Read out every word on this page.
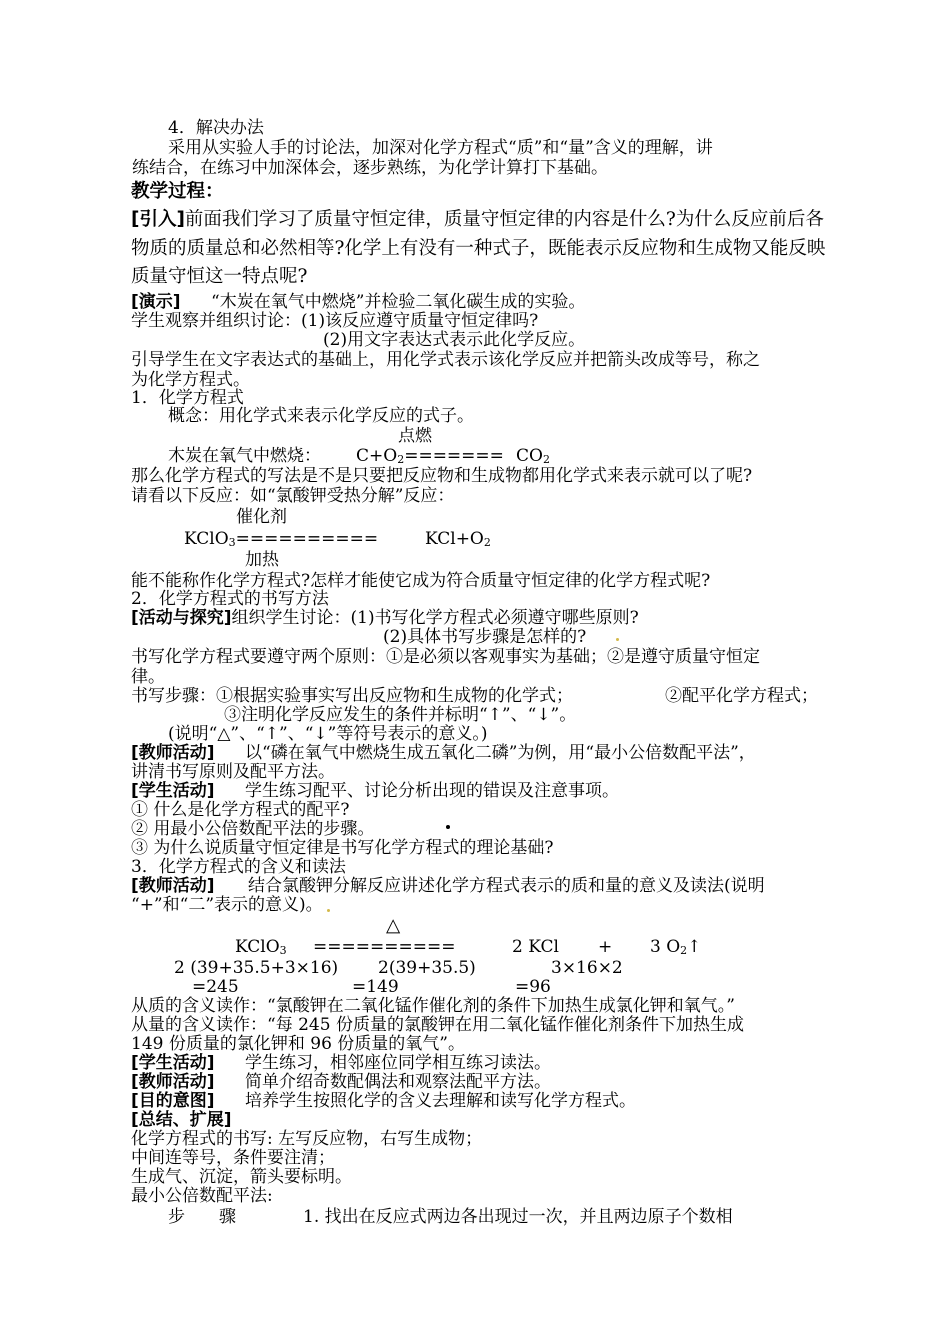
4．解决办法
采用从实验人手的讨论法，加深对化学方程式“质”和“量”含义的理解，讲
练结合，在练习中加深体会，逐步熟练，为化学计算打下基础。
教学过程：
[引入]前面我们学习了质量守恒定律，质量守恒定律的内容是什么?为什么反应前后各
物质的质量总和必然相等?化学上有没有一种式子，既能表示反应物和生成物又能反映
质量守恒这一特点呢?
[演示] “木炭在氧气中燃烧”并检验二氧化碳生成的实验。
学生观察并组织讨论：(1)该反应遵守质量守恒定律吗?
(2)用文字表达式表示此化学反应。
引导学生在文字表达式的基础上，用化学式表示该化学反应并把箭头改成等号，称之
为化学方程式。
1．化学方程式
概念：用化学式来表示化学反应的式子。
点燃
木炭在氧气中燃烧： $C+O_2======= CO_2$
那么化学方程式的写法是不是只要把反应物和生成物都用化学式来表示就可以了呢?
请看以下反应：如“氯酸钾受热分解”反应：
催化剂
KClO$_3$==========	$KCl+O_2$
加热
能不能称作化学方程式?怎样才能使它成为符合质量守恒定律的化学方程式呢?
2．化学方程式的书写方法
[活动与探究]组织学生讨论：(1)书写化学方程式必须遵守哪些原则?
(2)具体书写步骤是怎样的?
书写化学方程式要遵守两个原则：①是必须以客观事实为基础；②是遵守质量守恒定
律。
书写步骤：①根据实验事实写出反应物和生成物的化学式；	②配平化学方程式；
③注明化学反应发生的条件并标明“↑”、“↓”。
(说明“△”、“↑”、“↓”等符号表示的意义。)
[教师活动] 以“磷在氧气中燃烧生成五氧化二磷”为例，用“最小公倍数配平法”，
讲清书写原则及配平方法。
[学生活动] 学生练习配平、讨论分析出现的错误及注意事项。
① 什么是化学方程式的配平?
② 用最小公倍数配平法的步骤。
③ 为什么说质量守恒定律是书写化学方程式的理论基础?
3．化学方程式的含义和读法
[教师活动] 结合氯酸钾分解反应讲述化学方程式表示的质和量的意义及读法(说明
“+”和“二”表示的意义)。
△
KClO$_3$ ==========	2 KCl + 3 $O_2↑$
2 (39+35.5+3×16) 2(39+35.5)	3×16×2
=245	=149	=96
从质的含义读作：“氯酸钾在二氧化锰作催化剂的条件下加热生成氯化钾和氧气。”
从量的含义读作：“每 245 份质量的氯酸钾在用二氧化锰作催化剂条件下加热生成
149 份质量的氯化钾和 96 份质量的氧气”。
[学生活动] 学生练习，相邻座位同学相互练习读法。
[教师活动] 简单介绍奇数配偶法和观察法配平方法。
[目的意图] 培养学生按照化学的含义去理解和读写化学方程式。
[总结、扩展]
化学方程式的书写: 左写反应物，右写生成物；
中间连等号，条件要注清；
生成气、沉淀，箭头要标明。
最小公倍数配平法:
步　　骤	1. 找出在反应式两边各出现过一次，并且两边原子个数相
